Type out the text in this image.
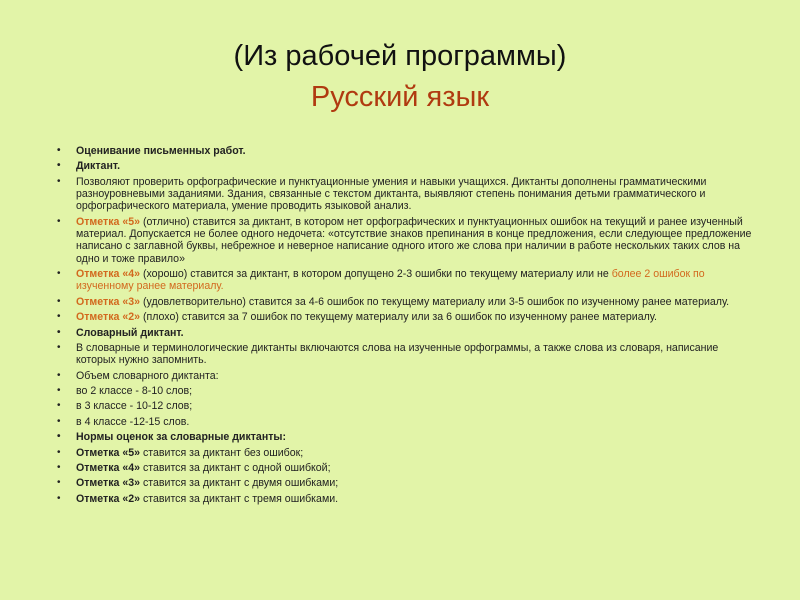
(Из рабочей программы)
Русский язык
• Оценивание письменных работ.
• Диктант.
• Позволяют проверить орфографические и пунктуационные умения и навыки учащихся. Диктанты дополнены грамматическими разноуровневыми заданиями. Здания, связанные с текстом диктанта, выявляют степень понимания детьми грамматического и орфографического материала, умение проводить языковой анализ.
• Отметка «5» (отлично) ставится за диктант, в котором нет орфографических и пунктуационных ошибок на текущий и ранее изученный материал. Допускается не более одного недочета: «отсутствие знаков препинания в конце предложения, если следующее предложение написано с заглавной буквы, небрежное и неверное написание одного итого же слова при наличии в работе нескольких таких слов на одно и тоже правило»
• Отметка «4» (хорошо) ставится за диктант, в котором допущено 2-3 ошибки по текущему материалу или не более 2 ошибок по изученному ранее материалу.
• Отметка «3» (удовлетворительно) ставится за 4-6 ошибок по текущему материалу или 3-5 ошибок по изученному ранее материалу.
• Отметка «2» (плохо) ставится за 7 ошибок по текущему материалу или за 6 ошибок по изученному ранее материалу.
• Словарный диктант.
• В словарные и терминологические диктанты включаются слова на изученные орфограммы, а также слова из словаря, написание которых нужно запомнить.
• Объем словарного диктанта:
• во 2 классе - 8-10 слов;
• в 3 классе - 10-12 слов;
• в 4 классе -12-15 слов.
• Нормы оценок за словарные диктанты:
• Отметка «5» ставится за диктант без ошибок;
• Отметка «4» ставится за диктант с одной ошибкой;
• Отметка «3» ставится за диктант с двумя ошибками;
• Отметка «2» ставится за диктант с тремя ошибками.
